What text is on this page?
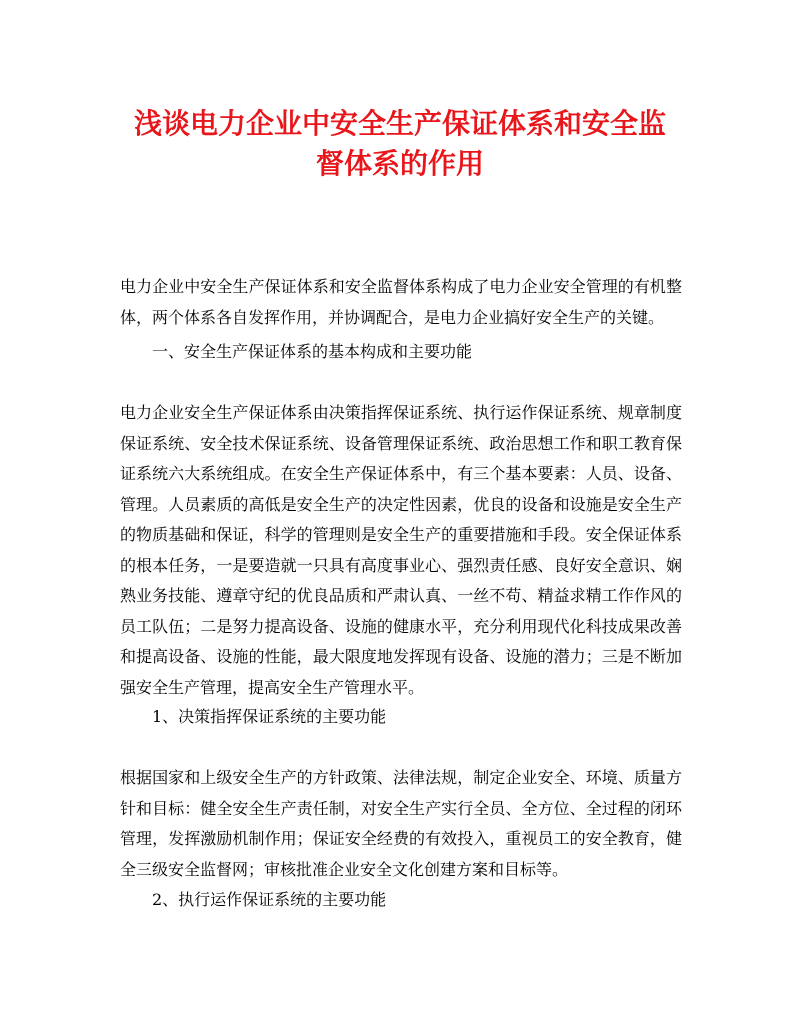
浅谈电力企业中安全生产保证体系和安全监
督体系的作用
电力企业中安全生产保证体系和安全监督体系构成了电力企业安全管理的有机整体，两个体系各自发挥作用，并协调配合，是电力企业搞好安全生产的关键。
一、安全生产保证体系的基本构成和主要功能
电力企业安全生产保证体系由决策指挥保证系统、执行运作保证系统、规章制度保证系统、安全技术保证系统、设备管理保证系统、政治思想工作和职工教育保证系统六大系统组成。在安全生产保证体系中，有三个基本要素：人员、设备、管理。人员素质的高低是安全生产的决定性因素，优良的设备和设施是安全生产的物质基础和保证，科学的管理则是安全生产的重要措施和手段。安全保证体系的根本任务，一是要造就一只具有高度事业心、强烈责任感、良好安全意识、娴熟业务技能、遵章守纪的优良品质和严肃认真、一丝不苟、精益求精工作作风的员工队伍；二是努力提高设备、设施的健康水平，充分利用现代化科技成果改善和提高设备、设施的性能，最大限度地发挥现有设备、设施的潜力；三是不断加强安全生产管理，提高安全生产管理水平。
1、决策指挥保证系统的主要功能
根据国家和上级安全生产的方针政策、法律法规，制定企业安全、环境、质量方针和目标：健全安全生产责任制，对安全生产实行全员、全方位、全过程的闭环管理，发挥激励机制作用；保证安全经费的有效投入，重视员工的安全教育，健全三级安全监督网；审核批准企业安全文化创建方案和目标等。
2、执行运作保证系统的主要功能
